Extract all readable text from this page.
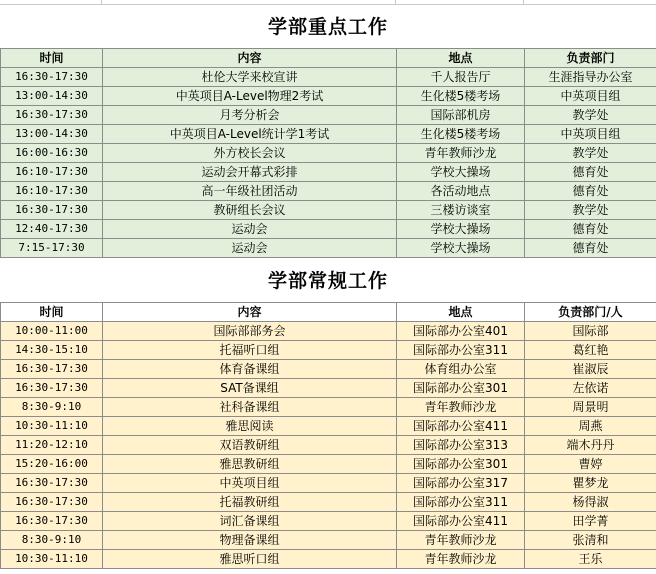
学部重点工作
时间	内容	地点	负责部门
16:30-17:30	杜伦大学来校宣讲	千人报告厅	生涯指导办公室
13:00-14:30	中英项目A-Level物理2考试	生化楼5楼考场	中英项目组
16:30-17:30	月考分析会	国际部机房	教学处
13:00-14:30	中英项目A-Level统计学1考试	生化楼5楼考场	中英项目组
16:00-16:30	外方校长会议	青年教师沙龙	教学处
16:10-17:30	运动会开幕式彩排	学校大操场	德育处
16:10-17:30	高一年级社团活动	各活动地点	德育处
16:30-17:30	教研组长会议	三楼访谈室	教学处
12:40-17:30	运动会	学校大操场	德育处
7:15-17:30	运动会	学校大操场	德育处
学部常规工作
时间	内容	地点	负责部门/人
10:00-11:00	国际部部务会	国际部办公室401	国际部
14:30-15:10	托福听口组	国际部办公室311	葛红艳
16:30-17:30	体育备课组	体育组办公室	崔淑辰
16:30-17:30	SAT备课组	国际部办公室301	左依诺
8:30-9:10	社科备课组	青年教师沙龙	周景明
10:30-11:10	雅思阅读	国际部办公室411	周燕
11:20-12:10	双语教研组	国际部办公室313	端木丹丹
15:20-16:00	雅思教研组	国际部办公室301	曹婷
16:30-17:30	中英项目组	国际部办公室317	瞿梦龙
16:30-17:30	托福教研组	国际部办公室311	杨得淑
16:30-17:30	词汇备课组	国际部办公室411	田学菁
8:30-9:10	物理备课组	青年教师沙龙	张清和
10:30-11:10	雅思听口组	青年教师沙龙	王乐
